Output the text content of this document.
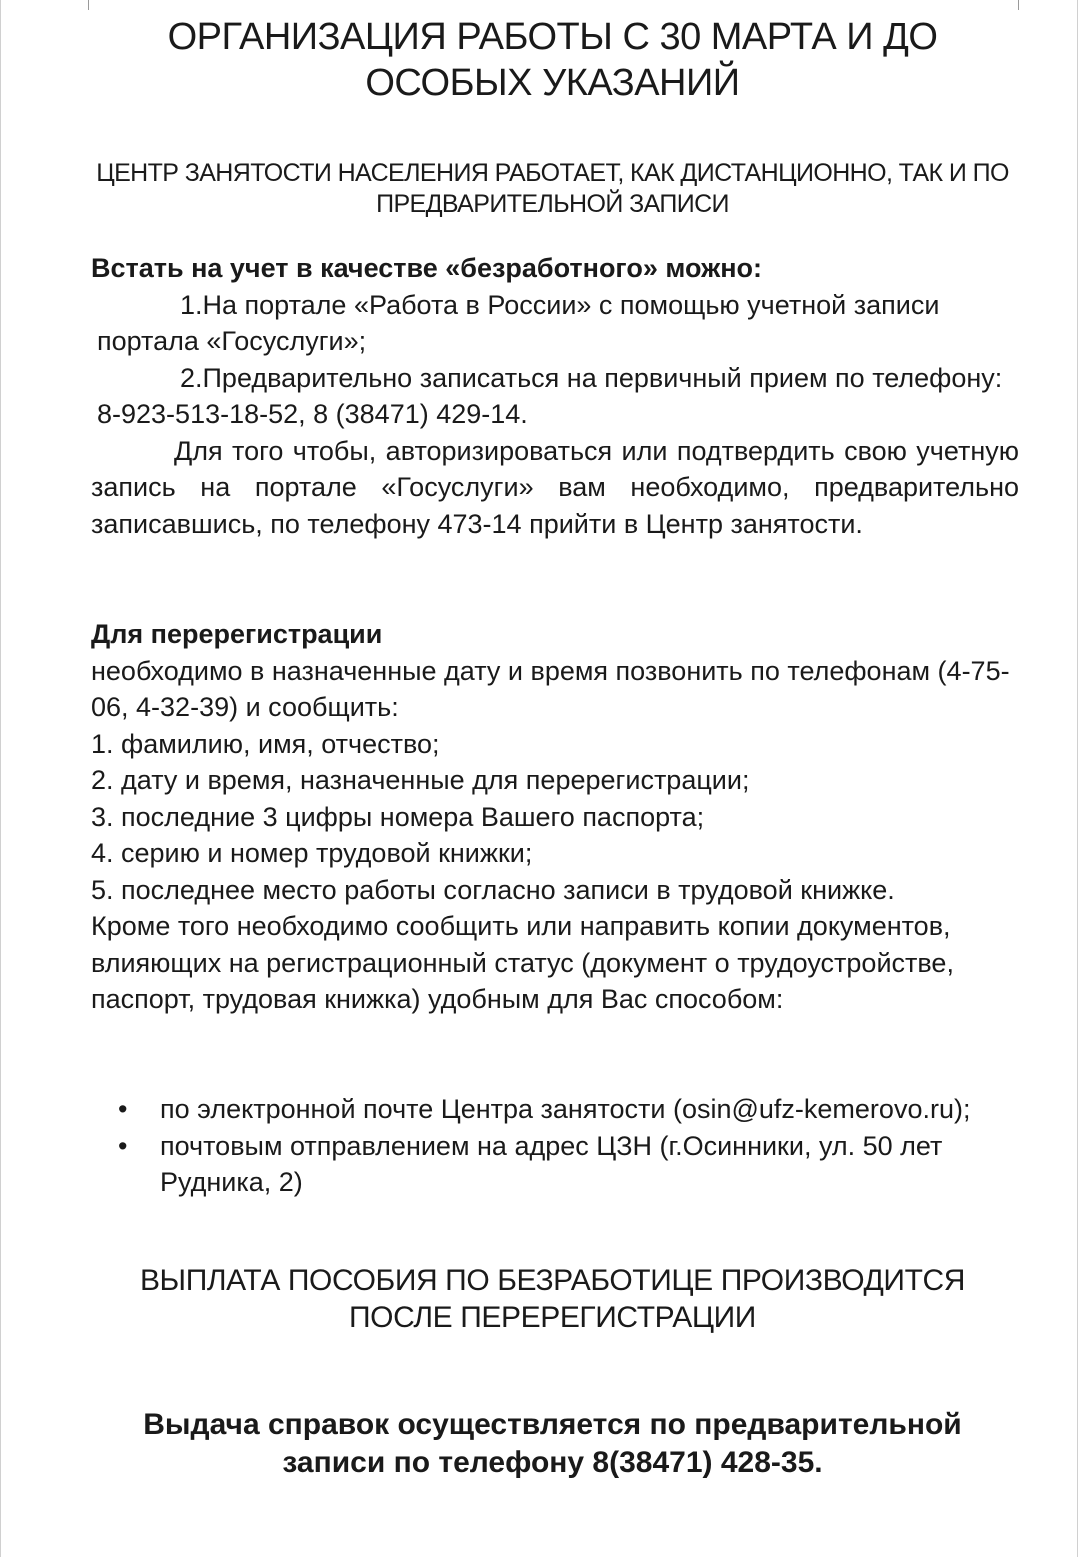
ОРГАНИЗАЦИЯ РАБОТЫ С 30 МАРТА И ДО ОСОБЫХ УКАЗАНИЙ
ЦЕНТР ЗАНЯТОСТИ НАСЕЛЕНИЯ РАБОТАЕТ, КАК ДИСТАНЦИОННО, ТАК И ПО ПРЕДВАРИТЕЛЬНОЙ ЗАПИСИ

Встать на учет в качестве «безработного» можно:

1.На портале «Работа в России» с помощью учетной записи портала «Госуслуги»;

2.Предварительно записаться на первичный прием по телефону: 8-923-513-18-52, 8 (38471) 429-14.

Для того чтобы, авторизироваться или подтвердить свою учетную запись на портале «Госуслуги» вам необходимо, предварительно записавшись, по телефону 473-14 прийти в Центр занятости.

Для перерегистрации

необходимо в назначенные дату и время позвонить по телефонам (4-75-06, 4-32-39) и сообщить:

1. фамилию, имя, отчество;

2. дату и время, назначенные для перерегистрации;

3. последние 3 цифры номера Вашего паспорта;

4. серию и номер трудовой книжки;

5. последнее место работы согласно записи в трудовой книжке.

Кроме того необходимо сообщить или направить копии документов, влияющих на регистрационный статус (документ о трудоустройстве, паспорт, трудовая книжка) удобным для Вас способом:

•	по электронной почте Центра занятости (osin@ufz-kemerovo.ru);
•	почтовым отправлением на адрес ЦЗН (г.Осинники, ул. 50 лет Рудника, 2)
ВЫПЛАТА ПОСОБИЯ ПО БЕЗРАБОТИЦЕ ПРОИЗВОДИТСЯ ПОСЛЕ ПЕРЕРЕГИСТРАЦИИ
Выдача справок осуществляется по предварительной записи по телефону 8(38471) 428-35.
